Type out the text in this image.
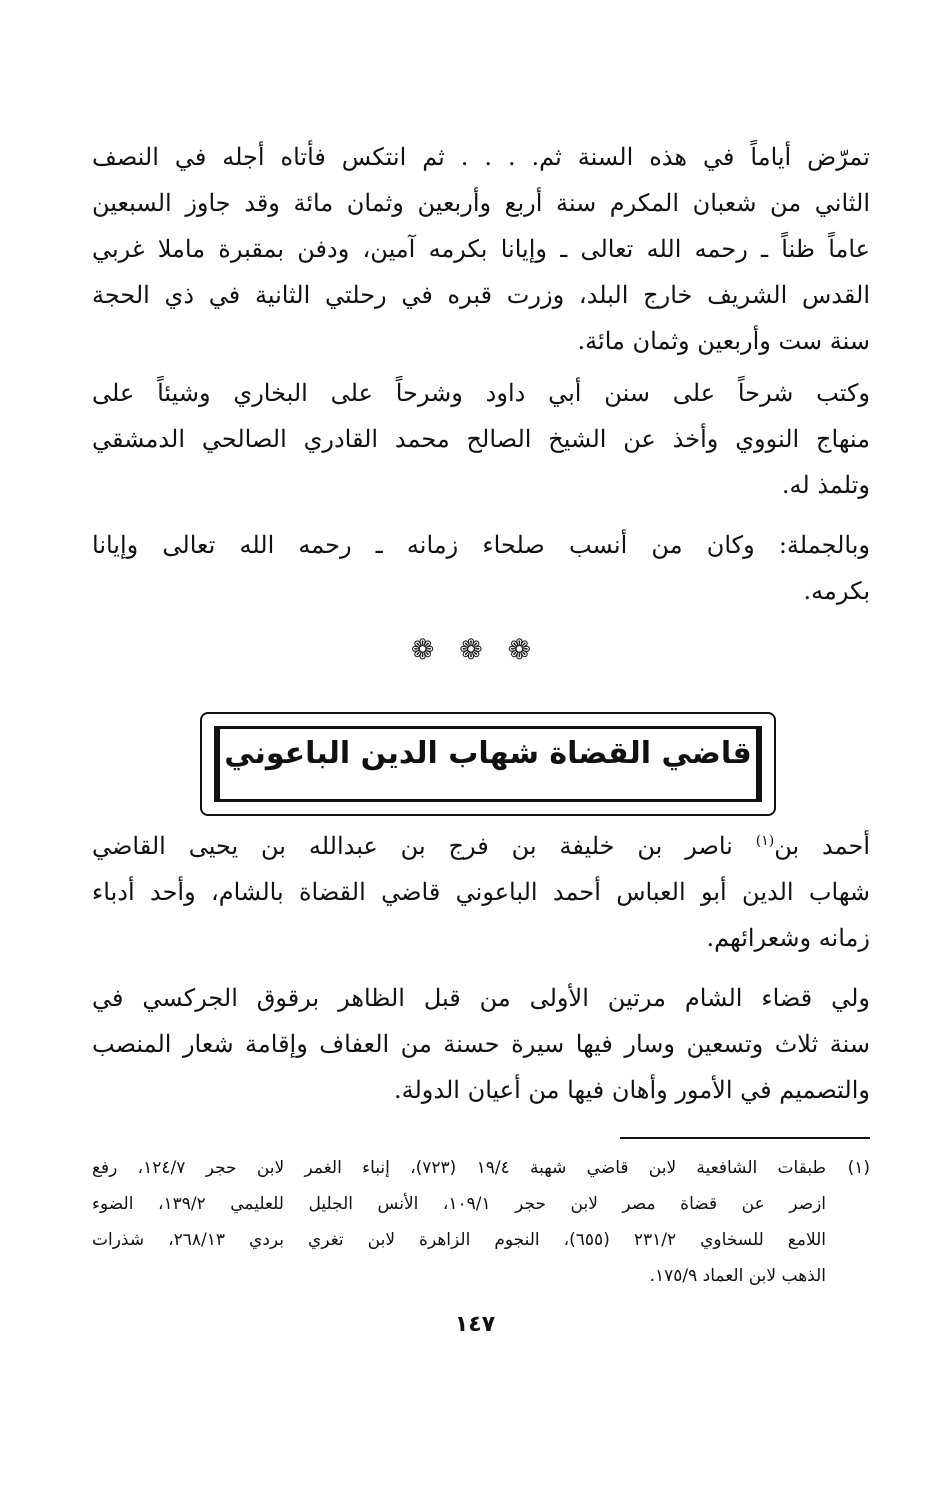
تمرّض أياماً في هذه السنة ثم. . . . ثم انتكس فأتاه أجله في النصف
الثاني من شعبان المكرم سنة أربع وأربعين وثمان مائة وقد جاوز السبعين
عاماً ظناً ـ رحمه الله تعالى ـ وإيانا بكرمه آمين، ودفن بمقبرة ماملا غربي
القدس الشريف خارج البلد، وزرت قبره في رحلتي الثانية في ذي الحجة
سنة ست وأربعين وثمان مائة.
وكتب شرحاً على سنن أبي داود وشرحاً على البخاري وشيئاً على
منهاج النووي وأخذ عن الشيخ الصالح محمد القادري الصالحي الدمشقي
وتلمذ له.
وبالجملة: وكان من أنسب صلحاء زمانه ـ رحمه الله تعالى وإيانا
بكرمه.
❁ ❁ ❁
قاضي القضاة شهاب الدين الباعوني
أحمد بن$^{(١)}$ ناصر بن خليفة بن فرج بن عبدالله بن يحيى القاضي
شهاب الدين أبو العباس أحمد الباعوني قاضي القضاة بالشام، وأحد أدباء
زمانه وشعرائهم.
ولي قضاء الشام مرتين الأولى من قبل الظاهر برقوق الجركسي في
سنة ثلاث وتسعين وسار فيها سيرة حسنة من العفاف وإقامة شعار المنصب
والتصميم في الأمور وأهان فيها من أعيان الدولة.
(١)
طبقات الشافعية لابن قاضي شهبة ١٩/٤ (٧٢٣)، إنباء الغمر لابن حجر ١٢٤/٧، رفع
ازصر عن قضاة مصر لابن حجر ١٠٩/١، الأنس الجليل للعليمي ١٣٩/٢، الضوء
اللامع للسخاوي ٢٣١/٢ (٦٥٥)، النجوم الزاهرة لابن تغري بردي ٢٦٨/١٣، شذرات
الذهب لابن العماد ١٧٥/٩.
١٤٧
